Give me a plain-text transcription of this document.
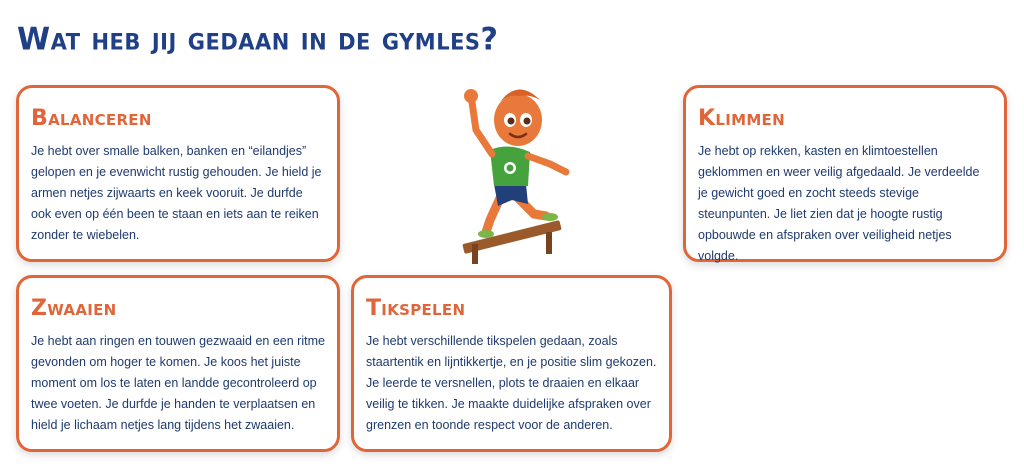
Wat heb jij gedaan in de gymles?
Balanceren

Je hebt over smalle balken, banken en “eilandjes” gelopen en je evenwicht rustig gehouden. Je hield je armen netjes zijwaarts en keek vooruit. Je durfde ook even op één been te staan en iets aan te reiken zonder te wiebelen.

Klimmen

Je hebt op rekken, kasten en klimtoestellen geklommen en weer veilig afgedaald. Je verdeelde je gewicht goed en zocht steeds stevige steunpunten. Je liet zien dat je hoogte rustig opbouwde en afspraken over veiligheid netjes volgde.

Zwaaien

Je hebt aan ringen en touwen gezwaaid en een ritme gevonden om hoger te komen. Je koos het juiste moment om los te laten en landde gecontroleerd op twee voeten. Je durfde je handen te verplaatsen en hield je lichaam netjes lang tijdens het zwaaien.

Tikspelen

Je hebt verschillende tikspelen gedaan, zoals staartentik en lijntikkertje, en je positie slim gekozen. Je leerde te versnellen, plots te draaien en elkaar veilig te tikken. Je maakte duidelijke afspraken over grenzen en toonde respect voor de anderen.
